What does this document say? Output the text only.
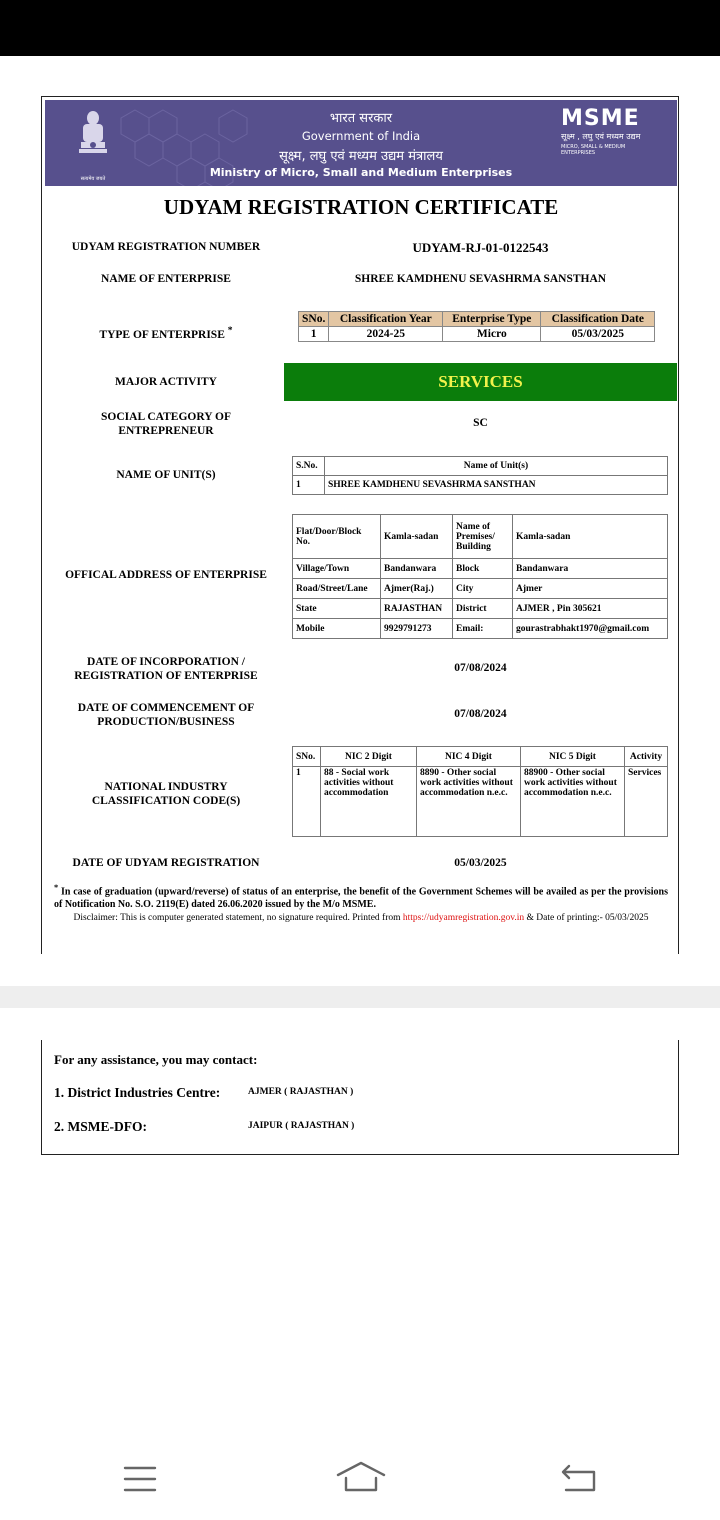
सत्यमेव जयते
भारत सरकार
Government of India
सूक्ष्म, लघु एवं मध्यम उद्यम मंत्रालय
Ministry of Micro, Small and Medium Enterprises
MSME
सूक्ष्म , लघु एवं मध्यम उद्यम
MICRO, SMALL & MEDIUM ENTERPRISES
UDYAM REGISTRATION CERTIFICATE
UDYAM REGISTRATION NUMBER	UDYAM-RJ-01-0122543
NAME OF ENTERPRISE	SHREE KAMDHENU SEVASHRMA SANSTHAN
TYPE OF ENTERPRISE *
SNo.	Classification Year	Enterprise Type	Classification Date
1	2024-25	Micro	05/03/2025
MAJOR ACTIVITY	SERVICES
SOCIAL CATEGORY OF
ENTREPRENEUR
SC
NAME OF UNIT(S)
S.No.	Name of Unit(s)
1	SHREE KAMDHENU SEVASHRMA SANSTHAN
OFFICAL ADDRESS OF ENTERPRISE
Flat/Door/Block No.	Kamla-sadan	Name of Premises/ Building	Kamla-sadan
Village/Town	Bandanwara	Block	Bandanwara
Road/Street/Lane	Ajmer(Raj.)	City	Ajmer
State	RAJASTHAN	District	AJMER , Pin 305621
Mobile	9929791273	Email:	gourastrabhakt1970@gmail.com
DATE OF INCORPORATION /
REGISTRATION OF ENTERPRISE
07/08/2024
DATE OF COMMENCEMENT OF
PRODUCTION/BUSINESS
07/08/2024
NATIONAL INDUSTRY
CLASSIFICATION CODE(S)
SNo.	NIC 2 Digit	NIC 4 Digit	NIC 5 Digit	Activity
1	88 - Social work activities without accommodation	8890 - Other social work activities without accommodation n.e.c.	88900 - Other social work activities without accommodation n.e.c.	Services
DATE OF UDYAM REGISTRATION	05/03/2025
* In case of graduation (upward/reverse) of status of an enterprise, the benefit of the Government Schemes will be availed as per the provisions of Notification No. S.O. 2119(E) dated 26.06.2020 issued by the M/o MSME.
Disclaimer: This is computer generated statement, no signature required. Printed from https://udyamregistration.gov.in & Date of printing:- 05/03/2025
For any assistance, you may contact:
1. District Industries Centre:	AJMER ( RAJASTHAN )
2. MSME-DFO:	JAIPUR ( RAJASTHAN )
